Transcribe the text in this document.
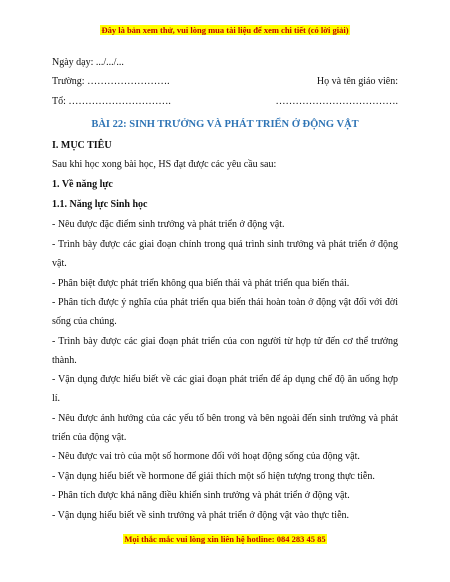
Đây là bản xem thử, vui lòng mua tài liệu để xem chi tiết (có lời giải)
Ngày dạy: .../.../...
Trường: …………………….	Họ và tên giáo viên:
Tổ: ………………………….	……………………………….
BÀI 22: SINH TRƯỞNG VÀ PHÁT TRIỂN Ở ĐỘNG VẬT
I. MỤC TIÊU
Sau khi học xong bài học, HS đạt được các yêu cầu sau:
1. Về năng lực
1.1. Năng lực Sinh học
- Nêu được đặc điểm sinh trưởng và phát triển ở động vật.
- Trình bày được các giai đoạn chính trong quá trình sinh trưởng và phát triển ở động vật.
- Phân biệt được phát triển không qua biến thái và phát triển qua biến thái.
- Phân tích được ý nghĩa của phát triển qua biến thái hoàn toàn ở động vật đối với đời sống của chúng.
- Trình bày được các giai đoạn phát triển của con người từ hợp tử đến cơ thể trưởng thành.
- Vận dụng được hiểu biết về các giai đoạn phát triển để áp dụng chế độ ăn uống hợp lí.
- Nêu được ảnh hưởng của các yếu tố bên trong và bên ngoài đến sinh trưởng và phát triển của động vật.
- Nêu được vai trò của một số hormone đối với hoạt động sống của động vật.
- Vận dụng hiểu biết về hormone để giải thích một số hiện tượng trong thực tiễn.
- Phân tích được khả năng điều khiển sinh trưởng và phát triển ở động vật.
- Vận dụng hiểu biết về sinh trưởng và phát triển ở động vật vào thực tiễn.
Mọi thắc mắc vui lòng xin liên hệ hotline: 084 283 45 85
